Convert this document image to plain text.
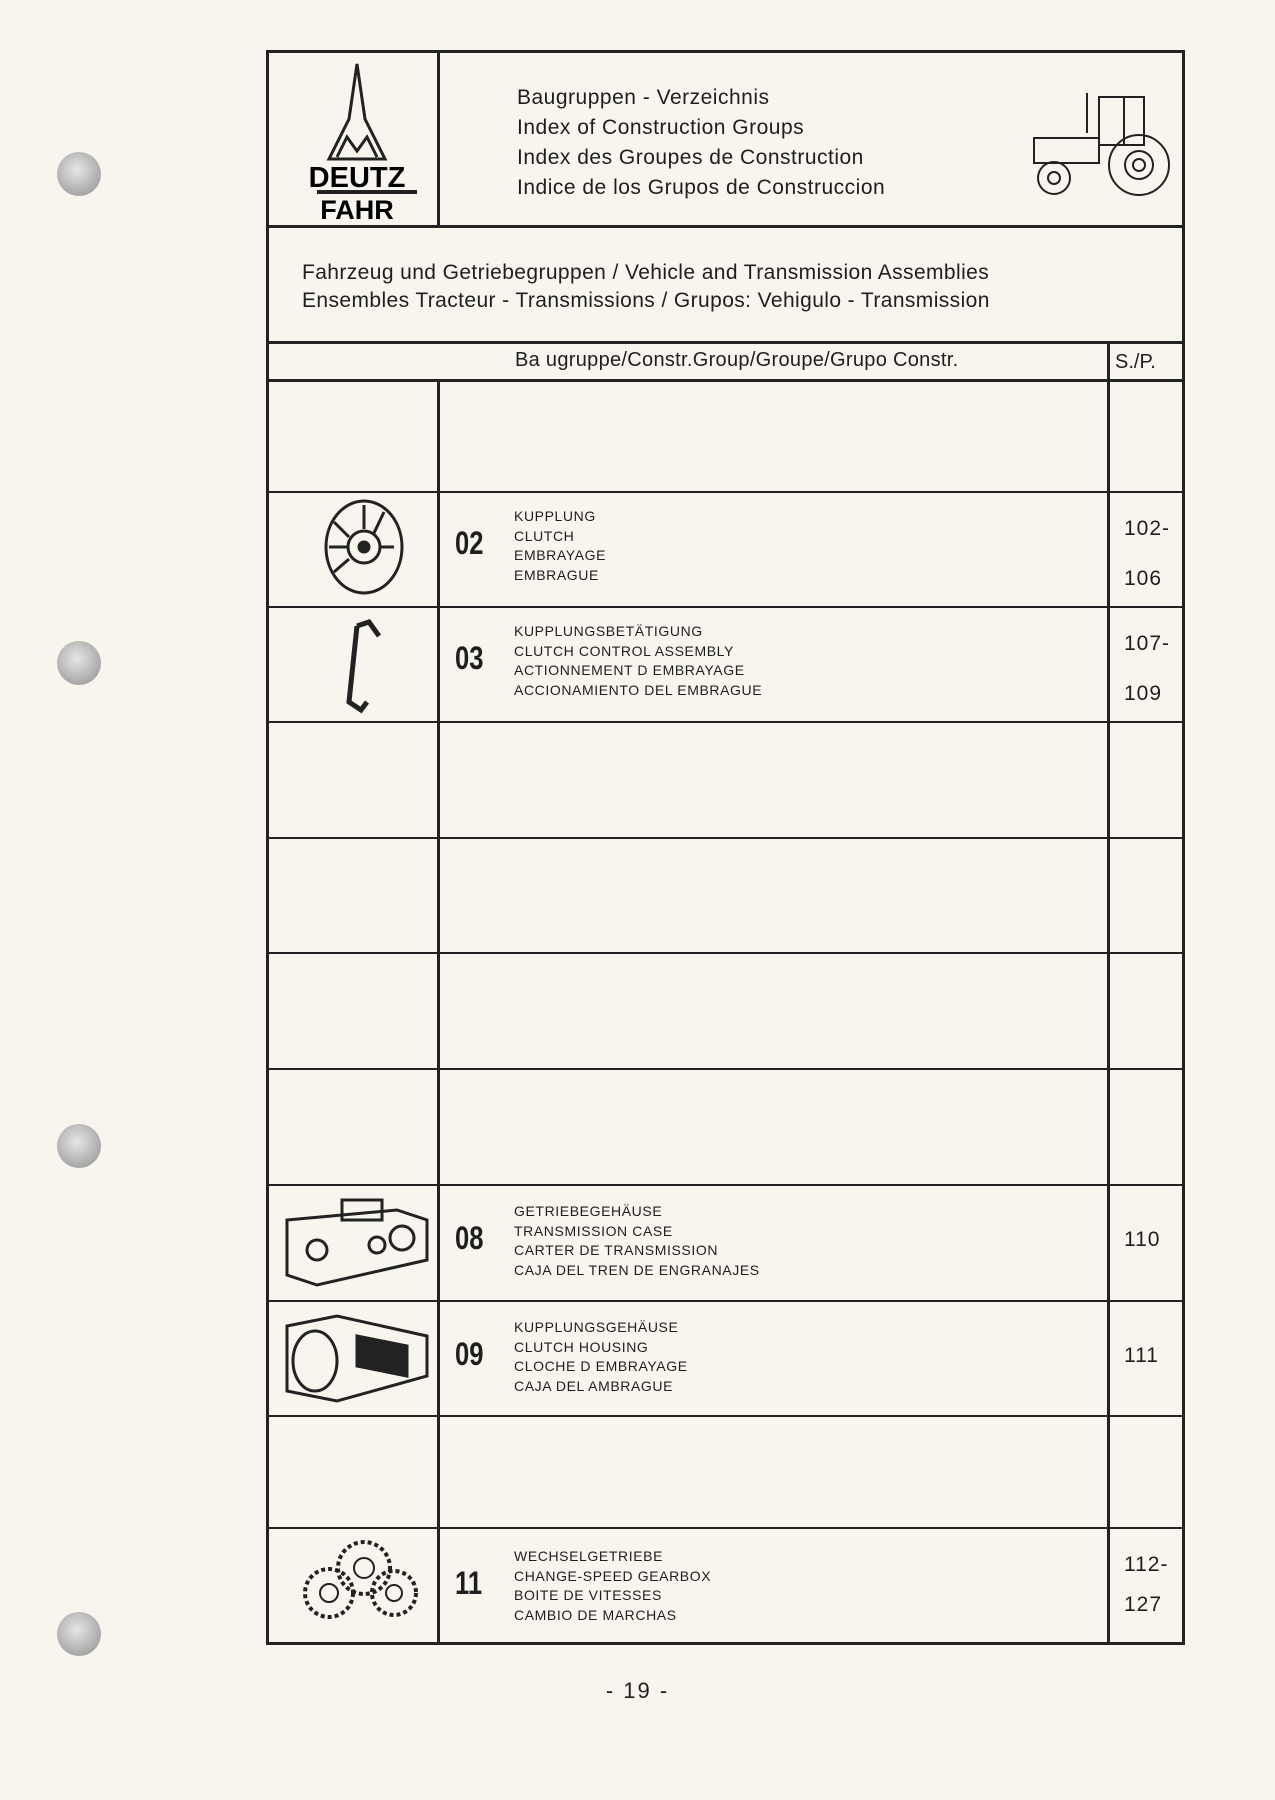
DEUTZ
FAHR
Baugruppen - Verzeichnis
Index of Construction Groups
Index des Groupes de Construction
Indice de los Grupos de Construccion
Fahrzeug und Getriebegruppen / Vehicle and Transmission Assemblies
Ensembles Tracteur - Transmissions / Grupos: Vehigulo - Transmission
Ba ugruppe/Constr.Group/Groupe/Grupo Constr.	S./P.
02
KUPPLUNG
CLUTCH
EMBRAYAGE
EMBRAGUE
102-
106
03
KUPPLUNGSBETÄTIGUNG
CLUTCH CONTROL ASSEMBLY
ACTIONNEMENT D EMBRAYAGE
ACCIONAMIENTO DEL EMBRAGUE
107-
109
08
GETRIEBEGEHÄUSE
TRANSMISSION CASE
CARTER DE TRANSMISSION
CAJA DEL TREN DE ENGRANAJES
110
09
KUPPLUNGSGEHÄUSE
CLUTCH HOUSING
CLOCHE D EMBRAYAGE
CAJA DEL AMBRAGUE
111
11
WECHSELGETRIEBE
CHANGE-SPEED GEARBOX
BOITE DE VITESSES
CAMBIO DE MARCHAS
112-
127
- 19 -
